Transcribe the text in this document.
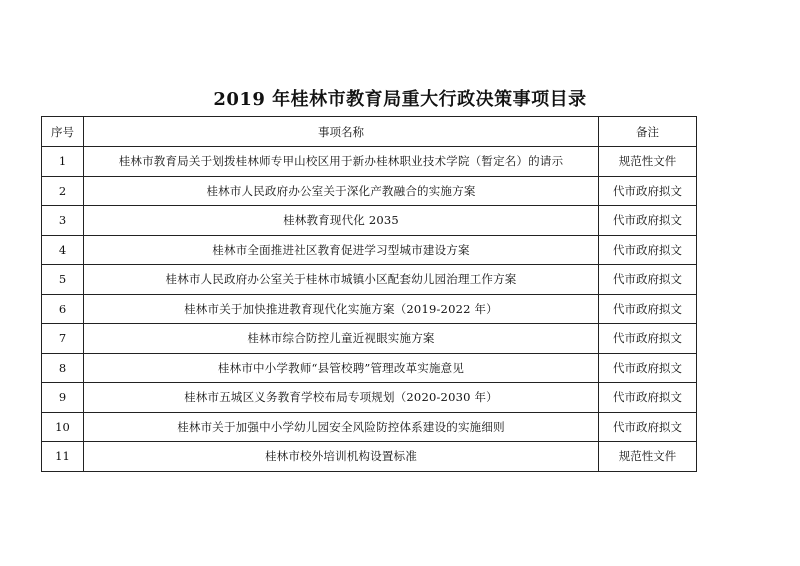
2019 年桂林市教育局重大行政决策事项目录
序号	事项名称	备注
1	桂林市教育局关于划拨桂林师专甲山校区用于新办桂林职业技术学院（暂定名）的请示	规范性文件
2	桂林市人民政府办公室关于深化产教融合的实施方案	代市政府拟文
3	桂林教育现代化 2035	代市政府拟文
4	桂林市全面推进社区教育促进学习型城市建设方案	代市政府拟文
5	桂林市人民政府办公室关于桂林市城镇小区配套幼儿园治理工作方案	代市政府拟文
6	桂林市关于加快推进教育现代化实施方案（2019-2022 年）	代市政府拟文
7	桂林市综合防控儿童近视眼实施方案	代市政府拟文
8	桂林市中小学教师“县管校聘”管理改革实施意见	代市政府拟文
9	桂林市五城区义务教育学校布局专项规划（2020-2030 年）	代市政府拟文
10	桂林市关于加强中小学幼儿园安全风险防控体系建设的实施细则	代市政府拟文
11	桂林市校外培训机构设置标准	规范性文件
